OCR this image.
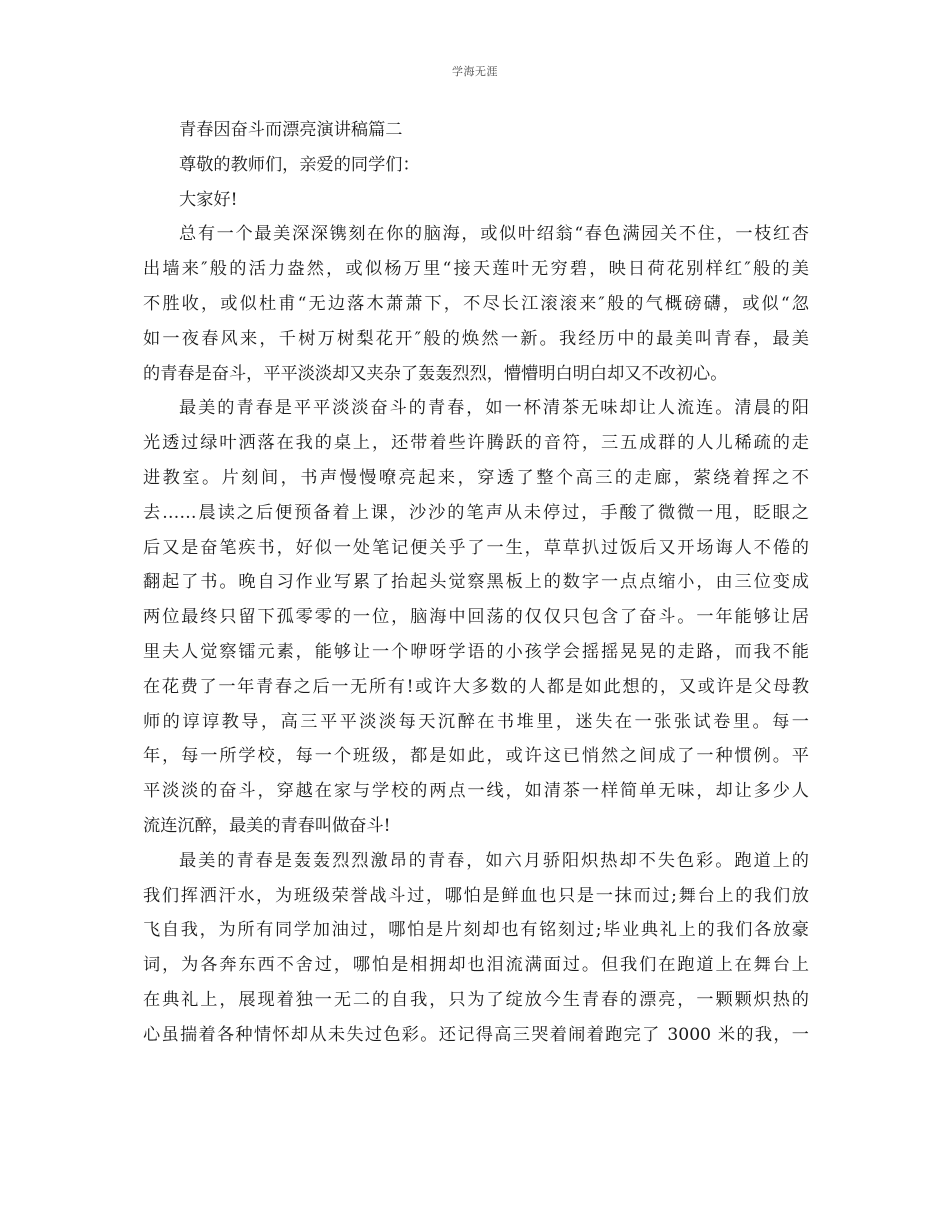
学海无涯
青春因奋斗而漂亮演讲稿篇二
尊敬的教师们，亲爱的同学们：
大家好!
总有一个最美深深镌刻在你的脑海，或似叶绍翁“春色满园关不住，一枝红杏
出墙来″般的活力盎然，或似杨万里“接天莲叶无穷碧，映日荷花别样红″般的美
不胜收，或似杜甫“无边落木萧萧下，不尽长江滚滚来″般的气概磅礴，或似“忽
如一夜春风来，千树万树梨花开″般的焕然一新。我经历中的最美叫青春，最美
的青春是奋斗，平平淡淡却又夹杂了轰轰烈烈，懵懵明白明白却又不改初心。
最美的青春是平平淡淡奋斗的青春，如一杯清茶无味却让人流连。清晨的阳
光透过绿叶洒落在我的桌上，还带着些许腾跃的音符，三五成群的人儿稀疏的走
进教室。片刻间，书声慢慢嘹亮起来，穿透了整个高三的走廊，萦绕着挥之不
去……晨读之后便预备着上课，沙沙的笔声从未停过，手酸了微微一甩，眨眼之
后又是奋笔疾书，好似一处笔记便关乎了一生，草草扒过饭后又开场诲人不倦的
翻起了书。晚自习作业写累了抬起头觉察黑板上的数字一点点缩小，由三位变成
两位最终只留下孤零零的一位，脑海中回荡的仅仅只包含了奋斗。一年能够让居
里夫人觉察镭元素，能够让一个咿呀学语的小孩学会摇摇晃晃的走路，而我不能
在花费了一年青春之后一无所有!或许大多数的人都是如此想的，又或许是父母教
师的谆谆教导，高三平平淡淡每天沉醉在书堆里，迷失在一张张试卷里。每一
年，每一所学校，每一个班级，都是如此，或许这已悄然之间成了一种惯例。平
平淡淡的奋斗，穿越在家与学校的两点一线，如清茶一样简单无味，却让多少人
流连沉醉，最美的青春叫做奋斗!
最美的青春是轰轰烈烈激昂的青春，如六月骄阳炽热却不失色彩。跑道上的
我们挥洒汗水，为班级荣誉战斗过，哪怕是鲜血也只是一抹而过;舞台上的我们放
飞自我，为所有同学加油过，哪怕是片刻却也有铭刻过;毕业典礼上的我们各放豪
词，为各奔东西不舍过，哪怕是相拥却也泪流满面过。但我们在跑道上在舞台上
在典礼上，展现着独一无二的自我，只为了绽放今生青春的漂亮，一颗颗炽热的
心虽揣着各种情怀却从未失过色彩。还记得高三哭着闹着跑完了 3000 米的我，一
